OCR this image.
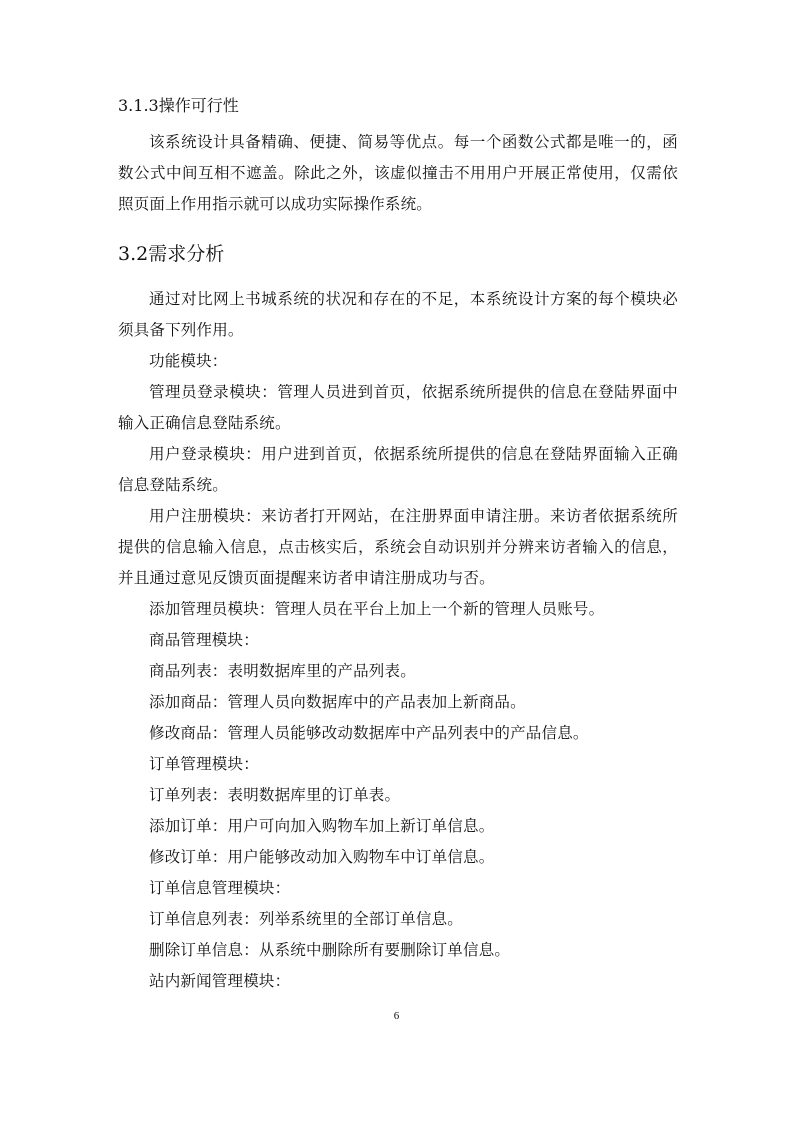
3.1.3操作可行性
该系统设计具备精确、便捷、简易等优点。每一个函数公式都是唯一的，函数公式中间互相不遮盖。除此之外，该虚似撞击不用用户开展正常使用，仅需依照页面上作用指示就可以成功实际操作系统。
3.2需求分析
通过对比网上书城系统的状况和存在的不足，本系统设计方案的每个模块必须具备下列作用。
功能模块：
管理员登录模块：管理人员进到首页，依据系统所提供的信息在登陆界面中输入正确信息登陆系统。
用户登录模块：用户进到首页，依据系统所提供的信息在登陆界面输入正确信息登陆系统。
用户注册模块：来访者打开网站，在注册界面申请注册。来访者依据系统所提供的信息输入信息，点击核实后，系统会自动识别并分辨来访者输入的信息，并且通过意见反馈页面提醒来访者申请注册成功与否。
添加管理员模块：管理人员在平台上加上一个新的管理人员账号。
商品管理模块：
商品列表：表明数据库里的产品列表。
添加商品：管理人员向数据库中的产品表加上新商品。
修改商品：管理人员能够改动数据库中产品列表中的产品信息。
订单管理模块：
订单列表：表明数据库里的订单表。
添加订单：用户可向加入购物车加上新订单信息。
修改订单：用户能够改动加入购物车中订单信息。
订单信息管理模块：
订单信息列表：列举系统里的全部订单信息。
删除订单信息：从系统中删除所有要删除订单信息。
站内新闻管理模块：
6
